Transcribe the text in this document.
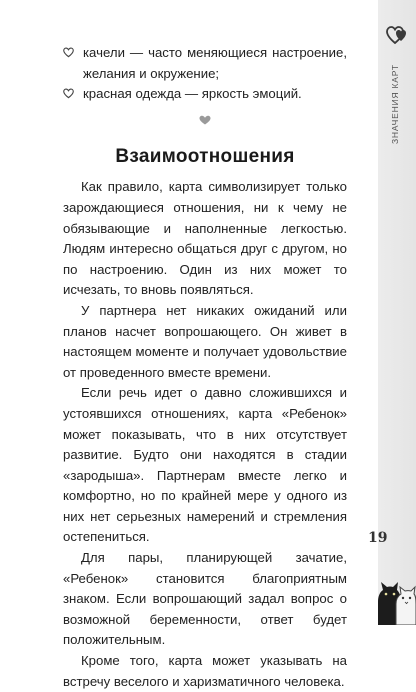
качели — часто меняющиеся настроение, желания и окружение;

красная одежда — яркость эмоций.

Взаимоотношения

Как правило, карта символизирует только зарождающиеся отношения, ни к чему не обязывающие и наполненные легкостью. Людям интересно общаться друг с другом, но по настроению. Один из них может то исчезать, то вновь появляться.

У партнера нет никаких ожиданий или планов насчет вопрошающего. Он живет в настоящем моменте и получает удовольствие от проведенного вместе времени.

Если речь идет о давно сложившихся и устоявшихся отношениях, карта «Ребенок» может показывать, что в них отсутствует развитие. Будто они находятся в стадии «зародыша». Партнерам вместе легко и комфортно, но по крайней мере у одного из них нет серьезных намерений и стремления остепениться.

Для пары, планирующей зачатие, «Ребенок» становится благоприятным знаком. Если вопрошающий задал вопрос о возможной беременности, ответ будет положительным.

Кроме того, карта может указывать на встречу веселого и харизматичного человека.

ЗНАЧЕНИЯ КАРТ
19
